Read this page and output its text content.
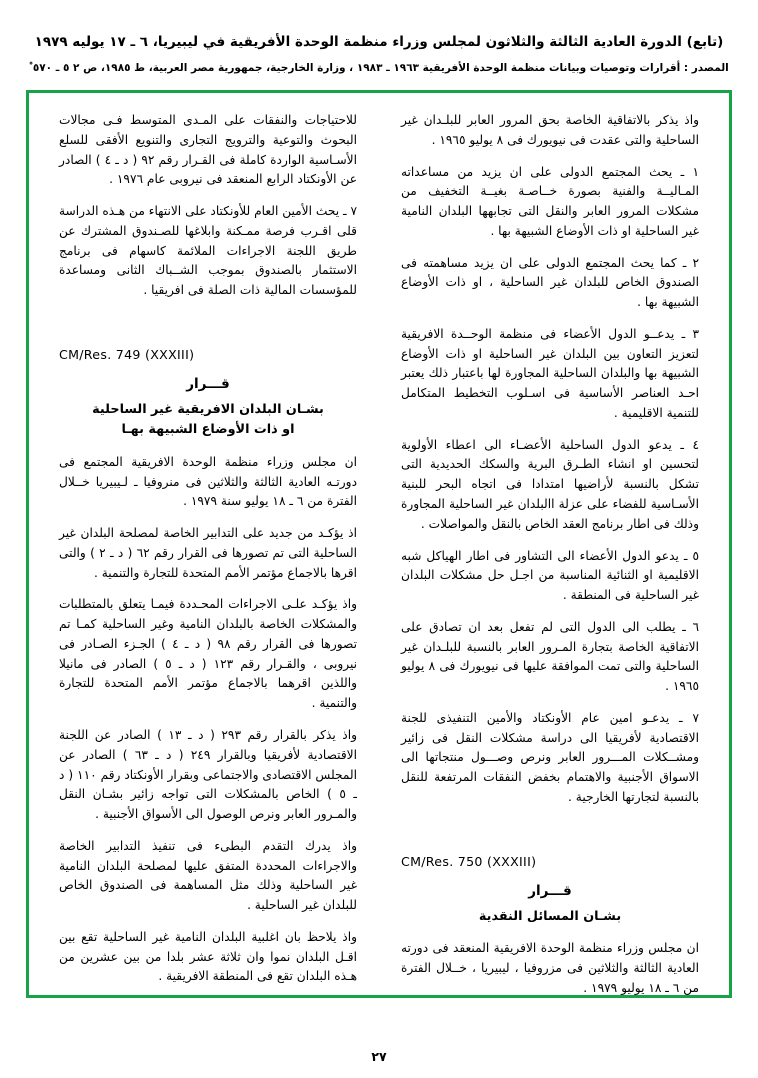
(تابع) الدورة العادية الثالثة والثلاثون لمجلس وزراء منظمة الوحدة الأفريقية في ليبيريا، ٦ ـ ١٧ يوليه ١٩٧٩
المصدر : أقرارات وتوصيات وبيانات منظمة الوحدة الأفريقية ١٩٦٣ ـ ١٩٨٣ ، وزارة الخارجية، جمهورية مصر العربية، ط ١٩٨٥، ص ٢ ٥ ـ ٥٧٠ ْ

واذ يذكر بالاتفاقية الخاصة بحق المرور العابر للبلـدان غير الساحلية والتى عقدت فى نيويورك فى ٨ يوليو ١٩٦٥ .

١ ـ يحث المجتمع الدولى على ان يزيد من مساعداته المـاليــة والفنية بصورة خــاصـة بغيــة التخفيف من مشكلات المرور العابر والنقل التى تجابهها البلدان النامية غير الساحلية او ذات الأوضاع الشبيهة بها .

٢ ـ كما يحث المجتمع الدولى على ان يزيد مساهمته فى الصندوق الخاص للبلدان غير الساحلية ، او ذات الأوضاع الشبيهة بها .

٣ ـ يدعــو الدول الأعضاء فى منظمة الوحــدة الافريقية لتعزيز التعاون بين البلدان غير الساحلية او ذات الأوضاع الشبيهة بها والبلدان الساحلية المجاورة لها باعتبار ذلك يعتبر احـد العناصر الأساسية فى اسـلوب التخطيط المتكامل للتنمية الاقليمية .

٤ ـ يدعو الدول الساحلية الأعضـاء الى اعطاء الأولوية لتحسين او انشاء الطـرق البرية والسكك الحديدية التى تشكل بالنسبة لأراضيها امتدادا فى اتجاه البحر للبنية الأسـاسية للفضاء على عزلة االبلدان غير الساحلية المجاورة وذلك فى اطار برنامج العقد الخاص بالنقل والمواصلات .

٥ ـ يدعو الدول الأعضاء الى التشاور فى اطار الهياكل شبه الاقليمية او الثنائية المناسبة من اجـل حل مشكلات البلدان غير الساحلية فى المنطقة .

٦ ـ يطلب الى الدول التى لم تفعل بعد ان تصادق على الاتفاقية الخاصة بتجارة المـرور العابر بالنسبة للبلـدان غير الساحلية والتى تمت الموافقة عليها فى نيويورك فى ٨ يوليو ١٩٦٥ .

٧ ـ يدعـو امين عام الأونكتاد والأمين التنفيذى للجنة الاقتصادية لأفريقيا الى دراسة مشكلات النقل فى زائير ومشــكلات المـــرور العابر ونرص وصـــول منتجاتها الى الاسواق الأجنبية والاهتمام بخفض النفقات المرتفعة للنقل بالنسبة لتجارتها الخارجية .

CM/Res. 750 (XXXIII)
قـــرار
بشـان المسائل النقدية

ان مجلس وزراء منظمة الوحدة الافريقية المنعقد فى دورته العادية الثالثة والثلاثين فى مزروفيا ، ليبيريا ، خــلال الفترة من ٦ ـ ١٨ يوليو ١٩٧٩ .

للاحتياجات والنفقات على المـدى المتوسط فـى مجالات البحوث والتوعية والترويج التجارى والتنويع الأفقى للسلع الأسـاسية الواردة كاملة فى القـرار رقم ٩٢ ( د ـ ٤ ) الصادر عن الأونكتاد الرابع المنعقد فى نيروبى عام ١٩٧٦ .

٧ ـ يحث الأمين العام للأونكتاد على الانتهاء من هـذه الدراسة قلى اقـرب فرصة ممـكنة وابلاغها للصـندوق المشترك عن طريق اللجنة الاجراءات الملائمة كاسهام فى برنامج الاستثمار بالصندوق بموجب الشــباك الثانى ومساعدة للمؤسسات المالية ذات الصلة فى افريقيا .

CM/Res. 749 (XXXIII)
قـــرار
بشـان البلدان الافريقية غير الساحلية
او ذات الأوضاع الشبيهة بهـا

ان مجلس وزراء منظمة الوحدة الافريقية المجتمع فى دورتـه العادية الثالثة والثلاثين فى منروفيا ـ لـيبيريا خــلال الفترة من ٦ ـ ١٨ يوليو سنة ١٩٧٩ .

اذ يؤكـد من جديد على التدابير الخاصة لمصلحة البلدان غير الساحلية التى تم تصورها فى القرار رقم ٦٢ ( د ـ ٢ ) والتى اقرها بالاجماع مؤتمر الأمم المتحدة للتجارة والتنمية .

واذ يؤكـد علـى الاجراءات المحـددة فيمـا يتعلق بالمتطلبات والمشكلات الخاصة بالبلدان النامية وغير الساحلية كمـا تم تصورها فى القرار رقم ٩٨ ( د ـ ٤ ) الجـزء الصـادر فى نيروبى ، والقـرار رقم ١٢٣ ( د ـ ٥ ) الصادر فى مانيلا واللذين اقرهما بالاجماع مؤتمر الأمم المتحدة للتجارة والتنمية .

واذ يذكر بالقرار رقم ٢٩٣ ( د ـ ١٣ ) الصادر عن اللجنة الاقتصادية لأفريقيا وبالقرار ٢٤٩ ( د ـ ٦٣ ) الصادر عن المجلس الاقتصادى والاجتماعى وبقرار الأونكتاد رقم ١١٠ ( د ـ ٥ ) الخاص بالمشكلات التى تواجه زائير بشـان النقل والمـرور العابر ونرص الوصول الى الأسواق الأجنبية .

واذ يدرك التقدم البطىء فى تنفيذ التدابير الخاصة والاجراءات المحددة المتفق عليها لمصلحة البلدان النامية غير الساحلية وذلك مثل المساهمة فى الصندوق الخاص للبلدان غير الساحلية .

واذ يلاحظ بان اغلبية البلدان النامية غير الساحلية تقع بين اقـل البلدان نموا وان ثلاثة عشر بلدا من بين عشرين من هـذه البلدان تقع فى المنطقة الافريقية .

٢٧
